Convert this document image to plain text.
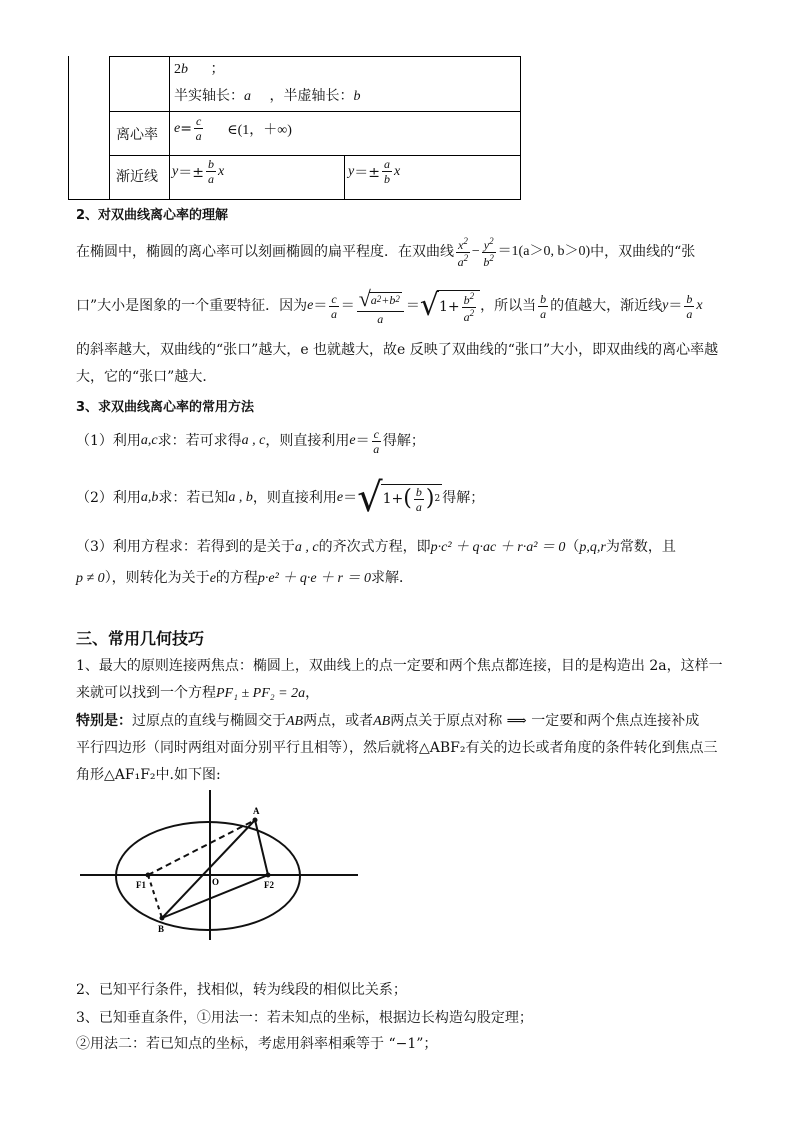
2b ；
半实轴长：a ，半虚轴长：b
离心率 $e = \frac{c}{a}$ ∈(1，＋∞)
渐近线 $y =\pm \frac{b}{a}$ x	$y =\pm \frac{a}{b}$ x
2、对双曲线离心率的理解
在椭圆中，椭圆的离心率可以刻画椭圆的扁平程度．在双曲线 $\frac{x^2}{a^2} - \frac{y^2}{b^2} =1(a>0$, b＞0) 中，双曲线的“张
口”大小是图象的一个重要特征．因为 $e = \frac{c}{a} = \frac{√ a 2 +b 2}{a}$ ＝ √ $1+ \frac{b^2}{a^2}$ ，所以当 $\frac{b}{a}$ 的值越大，渐近线 $y = \frac{b}{a}$ x
的斜率越大，双曲线的“张口”越大，e 也就越大，故e 反映了双曲线的“张口”大小，即双曲线的离心率越
大，它的“张口”越大．
3、求双曲线离心率的常用方法
（1）利用 a,c 求：若可求得 a , c ，则直接利用 $e = \frac{c}{a}$ 得解；
（2）利用 a,b 求：若已知 a , b ，则直接利用 e ＝ √ 1+ ( $\frac{b}{a}$ ) 2 得解；
（3）利用方程求：若得到的是关于a , c的齐次式方程，即p·c² ＋ q·ac ＋ r·a² ＝ 0（p,q,r为常数，且
p ≠ 0），则转化为关于e的方程p·e² ＋ q·e ＋ r ＝ 0求解．
三、常用几何技巧
1、最大的原则连接两焦点：椭圆上，双曲线上的点一定要和两个焦点都连接，目的是构造出 2a，这样一
来就可以找到一个方程PF₁ ± PF₂ = 2a，
特别是：过原点的直线与椭圆交于AB两点，或者AB两点关于原点对称 ⟹ 一定要和两个焦点连接补成
平行四边形（同时两组对面分别平行且相等），然后就将△ABF₂有关的边长或者角度的条件转化到焦点三
角形△AF₁F₂中.如下图:
A
B
O
F1	F2
2、已知平行条件，找相似，转为线段的相似比关系；
3、已知垂直条件，①用法一：若未知点的坐标，根据边长构造勾股定理；
②用法二：若已知点的坐标，考虑用斜率相乘等于 “−1”；
